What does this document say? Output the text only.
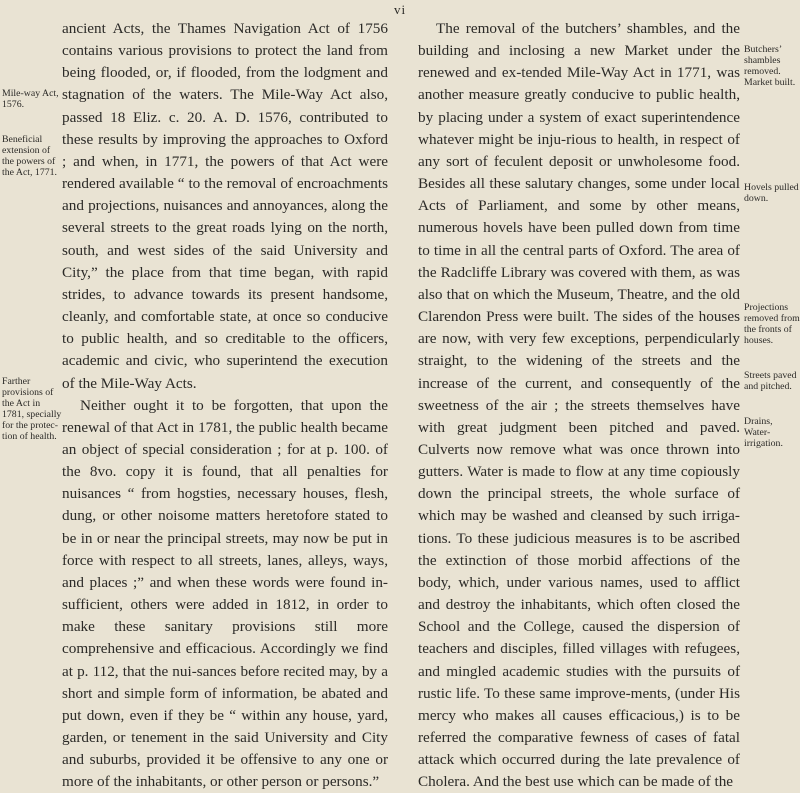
vi

ancient Acts, the Thames Navigation Act of 1756 contains various provisions to protect the land from being flooded, or, if flooded, from the lodgment and stagnation of the waters. The Mile-Way Act also, passed 18 Eliz. c. 20. A. D. 1576, contributed to these results by improving the approaches to Oxford ; and when, in 1771, the powers of that Act were rendered available “ to the removal of encroachments and projections, nuisances and annoyances, along the several streets to the great roads lying on the north, south, and west sides of the said University and City,” the place from that time began, with rapid strides, to advance towards its present handsome, cleanly, and comfortable state, at once so conducive to public health, and so creditable to the officers, academic and civic, who superintend the execution of the Mile-Way Acts.

Neither ought it to be forgotten, that upon the renewal of that Act in 1781, the public health became an object of special consideration ; for at p. 100. of the 8vo. copy it is found, that all penalties for nuisances “ from hogsties, necessary houses, flesh, dung, or other noisome matters heretofore stated to be in or near the principal streets, may now be put in force with respect to all streets, lanes, alleys, ways, and places ;” and when these words were found in-sufficient, others were added in 1812, in order to make these sanitary provisions still more comprehensive and efficacious. Accordingly we find at p. 112, that the nui-sances before recited may, by a short and simple form of information, be abated and put down, even if they be “ within any house, yard, garden, or tenement in the said University and City and suburbs, provided it be offensive to any one or more of the inhabitants, or other person or persons.”

The removal of the butchers’ shambles, and the building and inclosing a new Market under the renewed and ex-tended Mile-Way Act in 1771, was another measure greatly conducive to public health, by placing under a system of exact superintendence whatever might be inju-rious to health, in respect of any sort of feculent deposit or unwholesome food. Besides all these salutary changes, some under local Acts of Parliament, and some by other means, numerous hovels have been pulled down from time to time in all the central parts of Oxford. The area of the Radcliffe Library was covered with them, as was also that on which the Museum, Theatre, and the old Clarendon Press were built. The sides of the houses are now, with very few exceptions, perpendicularly straight, to the widening of the streets and the increase of the current, and consequently of the sweetness of the air ; the streets themselves have with great judgment been pitched and paved. Culverts now remove what was once thrown into gutters. Water is made to flow at any time copiously down the principal streets, the whole surface of which may be washed and cleansed by such irriga-tions. To these judicious measures is to be ascribed the extinction of those morbid affections of the body, which, under various names, used to afflict and destroy the inhabitants, which often closed the School and the College, caused the dispersion of teachers and disciples, filled villages with refugees, and mingled academic studies with the pursuits of rustic life. To these same improve-ments, (under His mercy who makes all causes efficacious,) is to be referred the comparative fewness of cases of fatal attack which occurred during the late prevalence of Cholera. And the best use which can be made of the

Mile-way Act, 1576.
Beneficial extension of the powers of the Act, 1771.
Farther provisions of the Act in 1781, specially for the protec-tion of health.
Butchers’ shambles removed. Market built.
Hovels pulled down.
Projections removed from the fronts of houses.
Streets paved and pitched.
Drains, Water-irrigation.
